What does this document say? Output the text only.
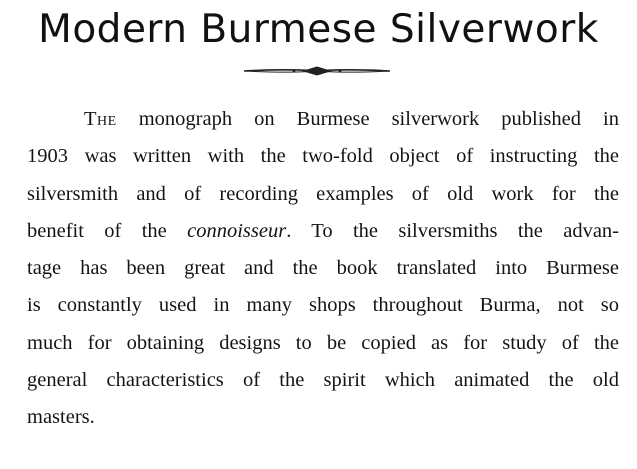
Modern Burmese Silverwork
The monograph on Burmese silverwork published in
1903 was written with the two-fold object of instructing the
silversmith and of recording examples of old work for the
benefit of the connoisseur. To the silversmiths the advan-
tage has been great and the book translated into Burmese
is constantly used in many shops throughout Burma, not so
much for obtaining designs to be copied as for study of the
general characteristics of the spirit which animated the old
masters.
